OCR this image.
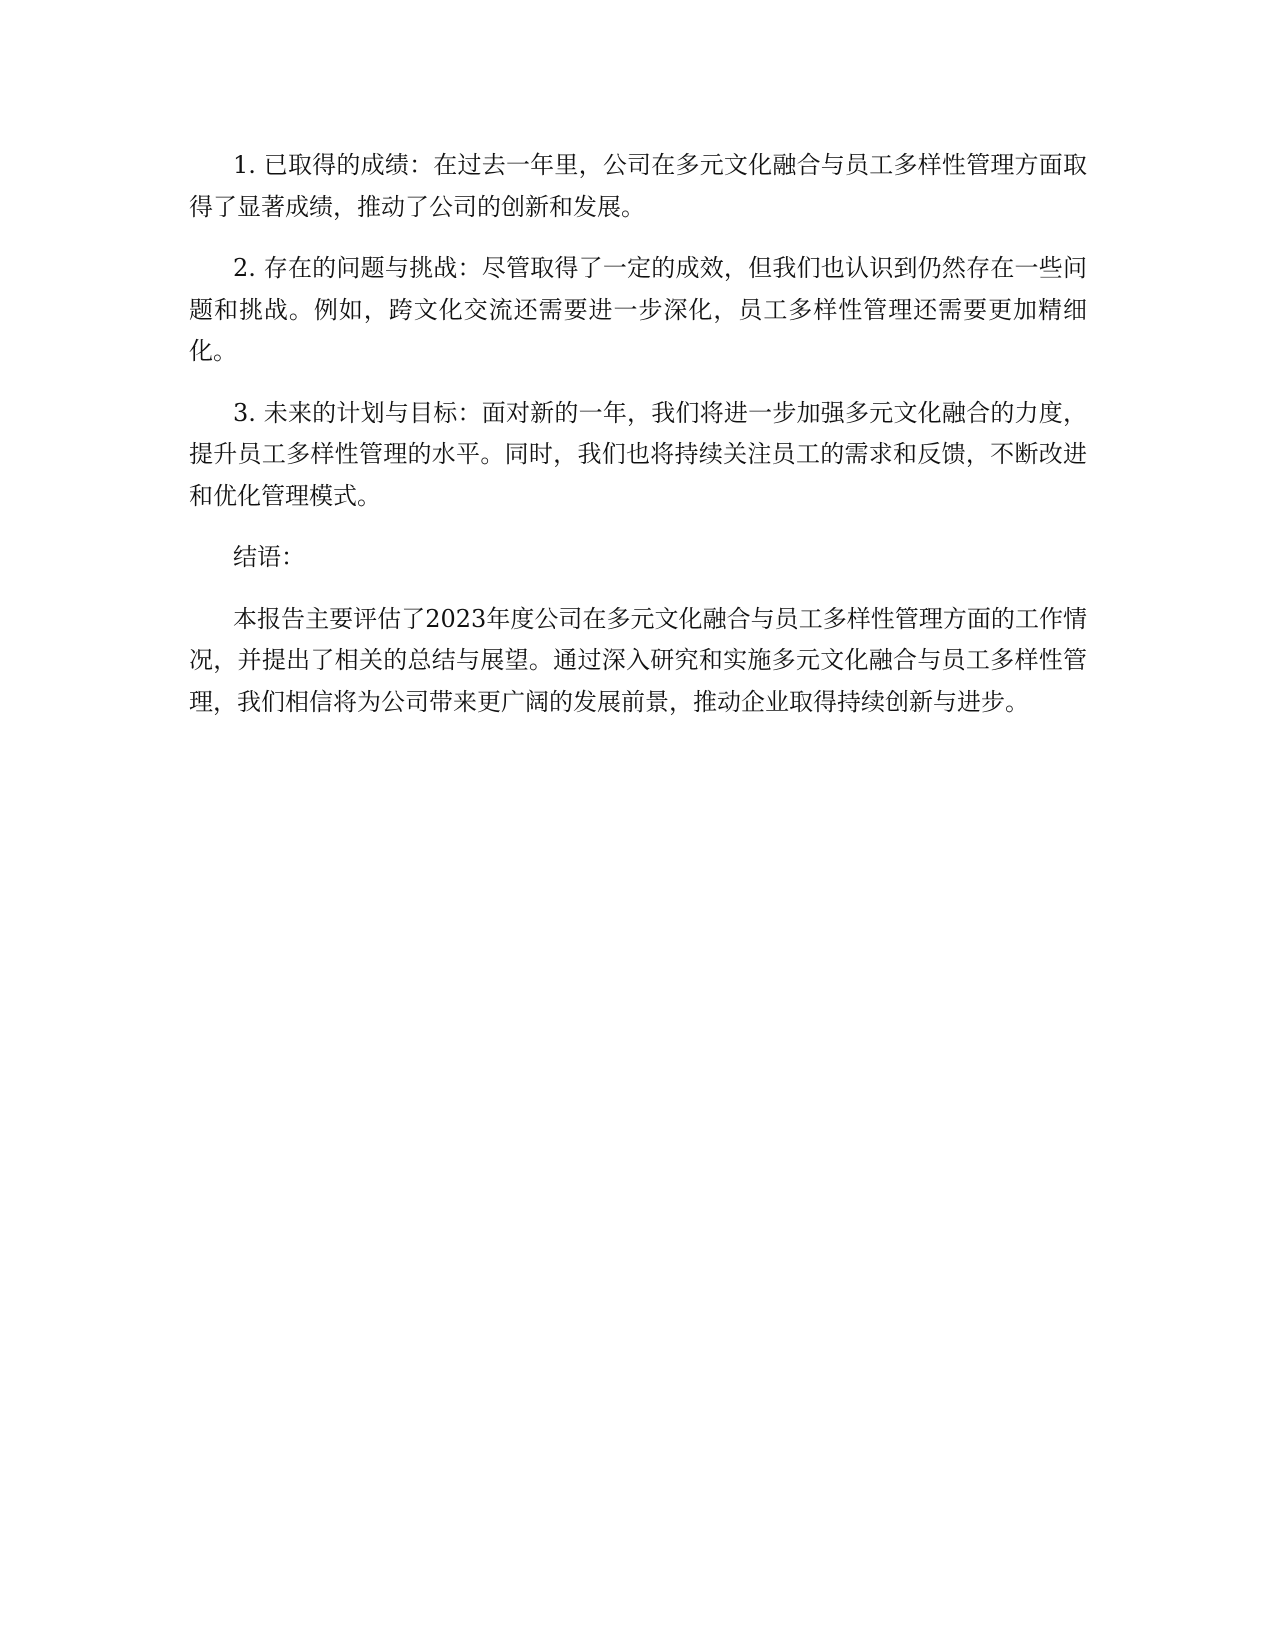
1. 已取得的成绩：在过去一年里，公司在多元文化融合与员工多样性管理方面取得了显著成绩，推动了公司的创新和发展。

2. 存在的问题与挑战：尽管取得了一定的成效，但我们也认识到仍然存在一些问题和挑战。例如，跨文化交流还需要进一步深化，员工多样性管理还需要更加精细化。

3. 未来的计划与目标：面对新的一年，我们将进一步加强多元文化融合的力度，提升员工多样性管理的水平。同时，我们也将持续关注员工的需求和反馈，不断改进和优化管理模式。

结语：

本报告主要评估了2023年度公司在多元文化融合与员工多样性管理方面的工作情况，并提出了相关的总结与展望。通过深入研究和实施多元文化融合与员工多样性管理，我们相信将为公司带来更广阔的发展前景，推动企业取得持续创新与进步。
